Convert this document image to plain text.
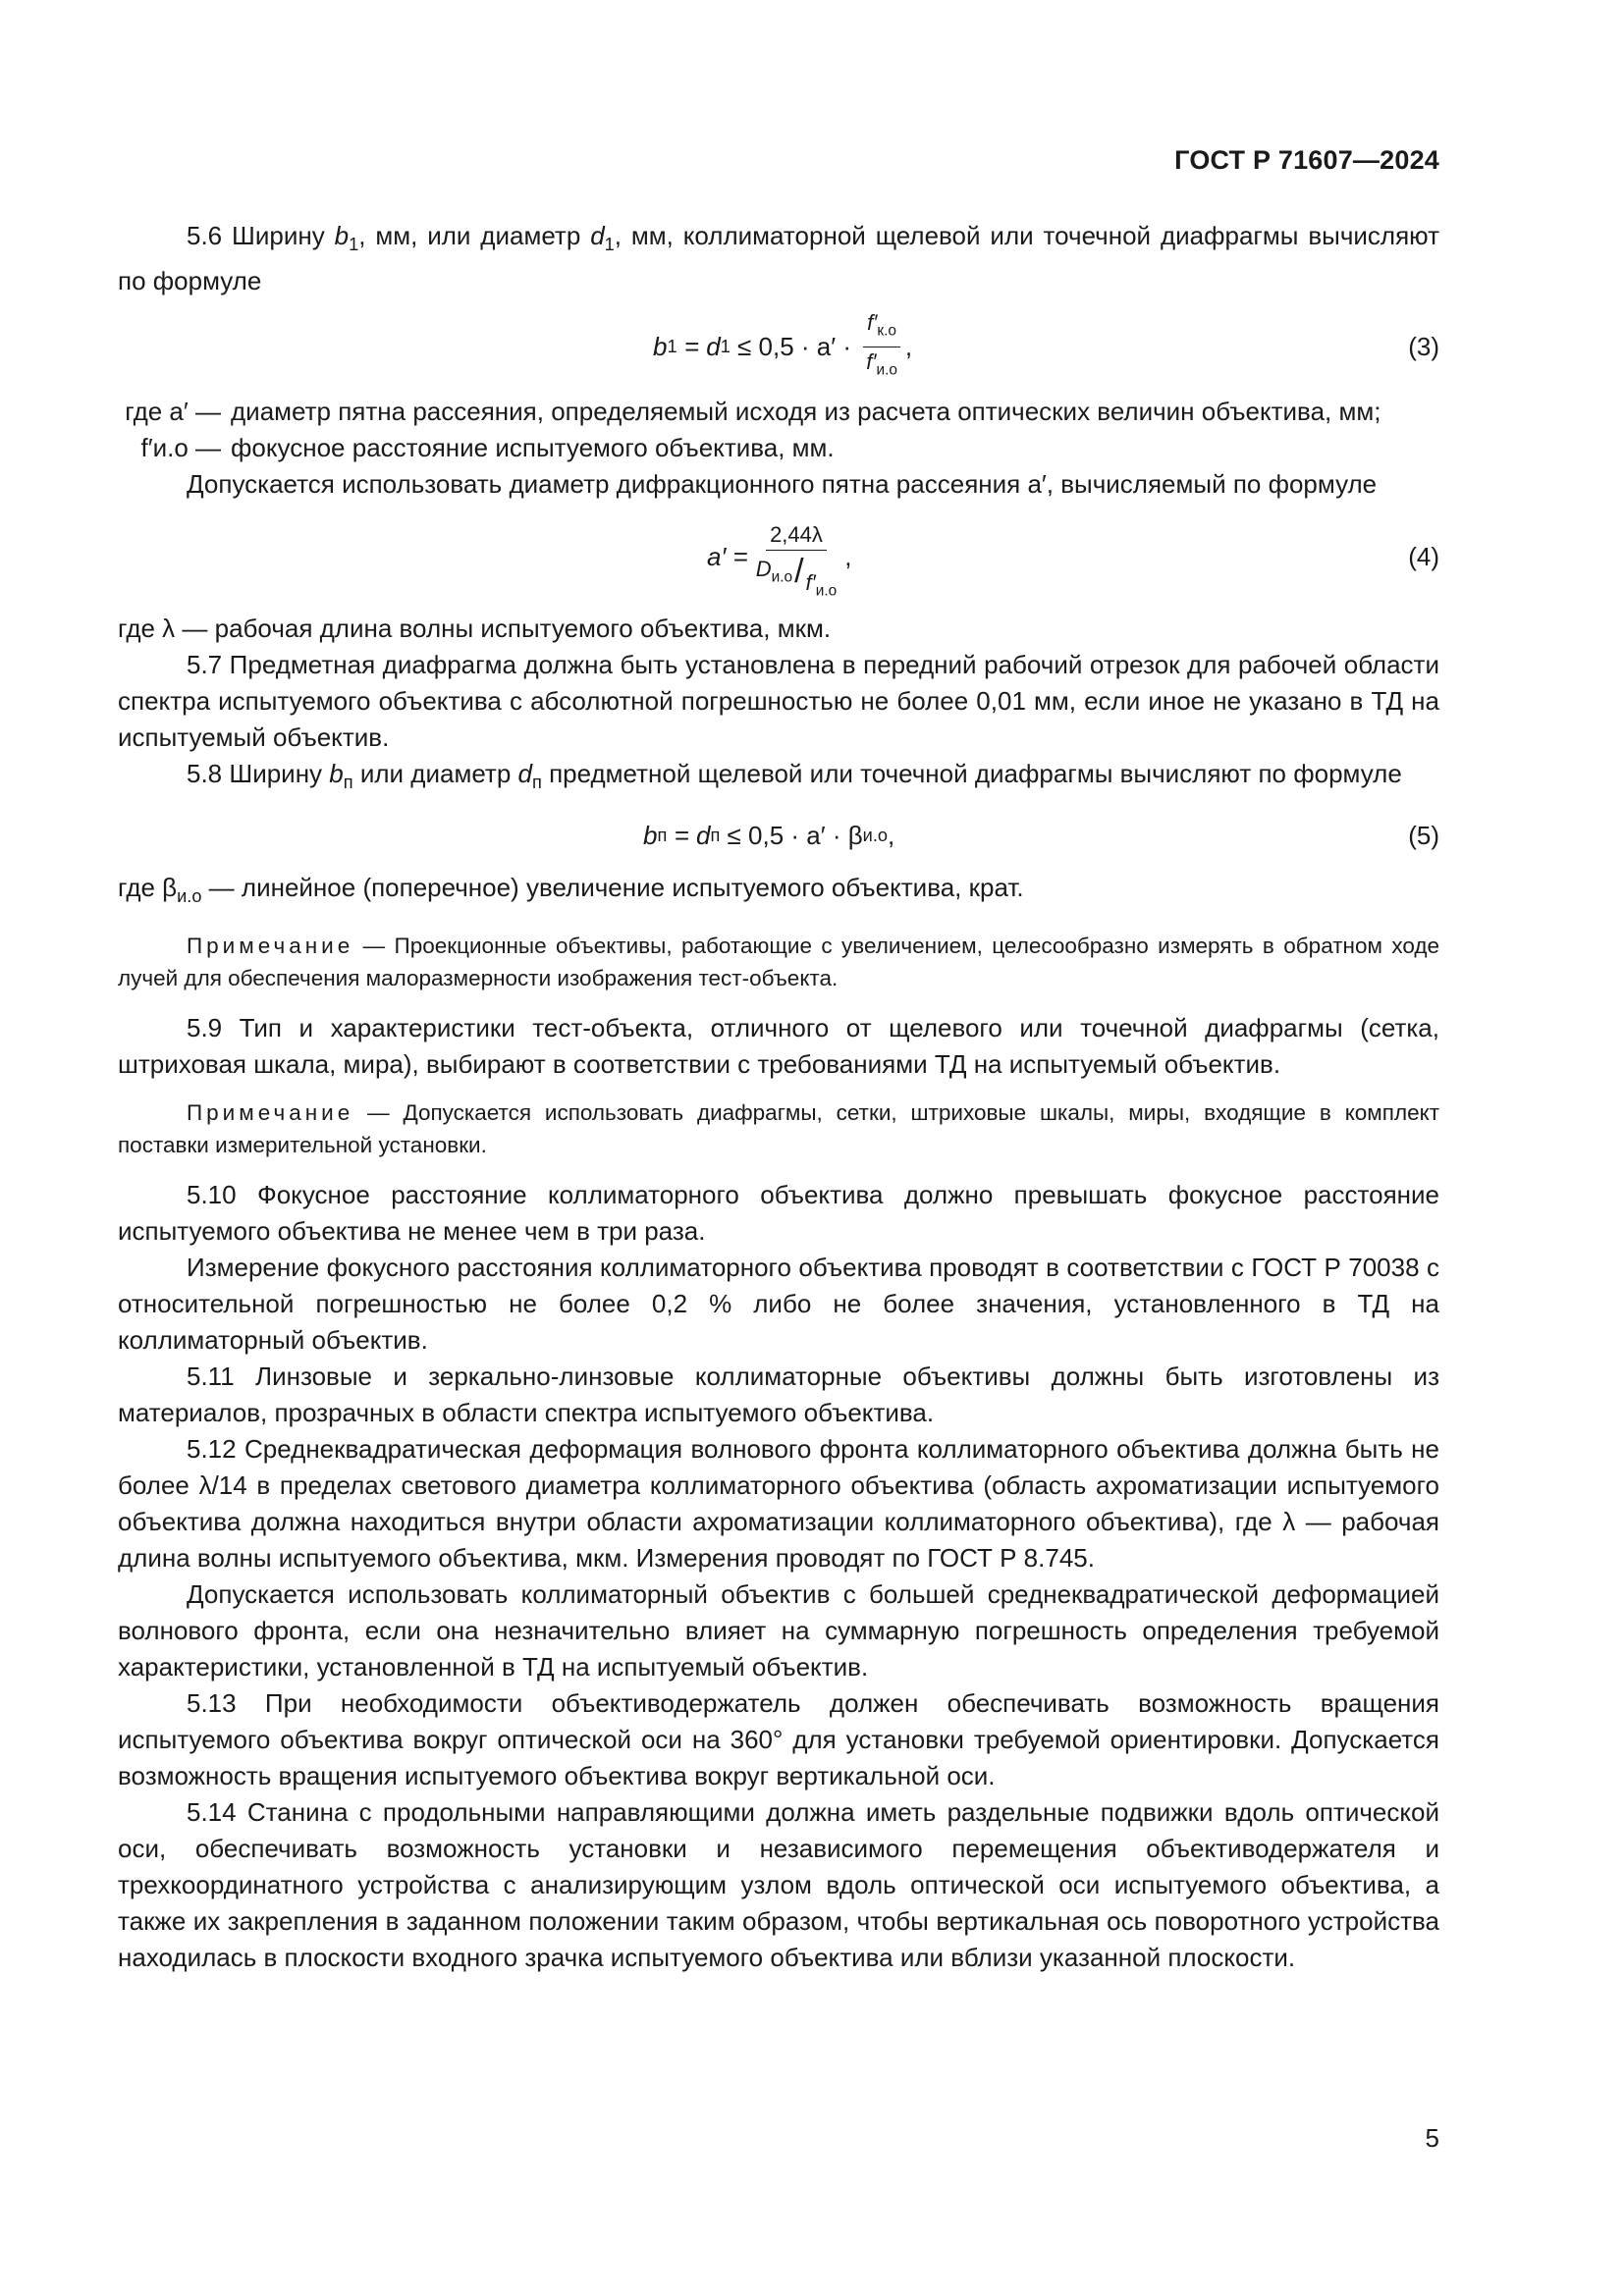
ГОСТ Р 71607—2024

5.6 Ширину $b_1$, мм, или диаметр $d_1$, мм, коллиматорной щелевой или точечной диафрагмы вычисляют по формуле

b 1
= d $1 \le 0,5 \cdot a' \cdot \frac{f'_{к.о}}{f'_{и.о}}$ ,	(3)
где a′ — диаметр пятна рассеяния, определяемый исходя из расчета оптических величин объектива, мм;
f′и.о — фокусное расстояние испытуемого объектива, мм.

Допускается использовать диаметр дифракционного пятна рассеяния a′, вычисляемый по формуле

$a' = \frac{2,44\lambda}{D_{и.о}/f'_{и.о}}$ ,	(4)

где λ — рабочая длина волны испытуемого объектива, мкм.

5.7 Предметная диафрагма должна быть установлена в передний рабочий отрезок для рабочей области спектра испытуемого объектива с абсолютной погрешностью не более 0,01 мм, если иное не указано в ТД на испытуемый объектив.

5.8 Ширину $b_п$ или диаметр $d_п$ предметной щелевой или точечной диафрагмы вычисляют по формуле

b п
= d п ≤ 0,5 · a′ · β и.о ,	(5)

где $\beta_{и.о}$ — линейное (поперечное) увеличение испытуемого объектива, крат.

Примечание — Проекционные объективы, работающие с увеличением, целесообразно измерять в обратном ходе лучей для обеспечения малоразмерности изображения тест-объекта.

5.9 Тип и характеристики тест-объекта, отличного от щелевого или точечной диафрагмы (сетка, штриховая шкала, мира), выбирают в соответствии с требованиями ТД на испытуемый объектив.

Примечание — Допускается использовать диафрагмы, сетки, штриховые шкалы, миры, входящие в комплект поставки измерительной установки.

5.10 Фокусное расстояние коллиматорного объектива должно превышать фокусное расстояние испытуемого объектива не менее чем в три раза.

Измерение фокусного расстояния коллиматорного объектива проводят в соответствии с ГОСТ Р 70038 с относительной погрешностью не более 0,2 % либо не более значения, установленного в ТД на коллиматорный объектив.

5.11 Линзовые и зеркально-линзовые коллиматорные объективы должны быть изготовлены из материалов, прозрачных в области спектра испытуемого объектива.

5.12 Среднеквадратическая деформация волнового фронта коллиматорного объектива должна быть не более λ/14 в пределах светового диаметра коллиматорного объектива (область ахроматизации испытуемого объектива должна находиться внутри области ахроматизации коллиматорного объектива), где λ — рабочая длина волны испытуемого объектива, мкм. Измерения проводят по ГОСТ Р 8.745.

Допускается использовать коллиматорный объектив с большей среднеквадратической деформацией волнового фронта, если она незначительно влияет на суммарную погрешность определения требуемой характеристики, установленной в ТД на испытуемый объектив.

5.13 При необходимости объективодержатель должен обеспечивать возможность вращения испытуемого объектива вокруг оптической оси на 360° для установки требуемой ориентировки. Допускается возможность вращения испытуемого объектива вокруг вертикальной оси.

5.14 Станина с продольными направляющими должна иметь раздельные подвижки вдоль оптической оси, обеспечивать возможность установки и независимого перемещения объективодержателя и трехкоординатного устройства с анализирующим узлом вдоль оптической оси испытуемого объектива, а также их закрепления в заданном положении таким образом, чтобы вертикальная ось поворотного устройства находилась в плоскости входного зрачка испытуемого объектива или вблизи указанной плоскости.

5
